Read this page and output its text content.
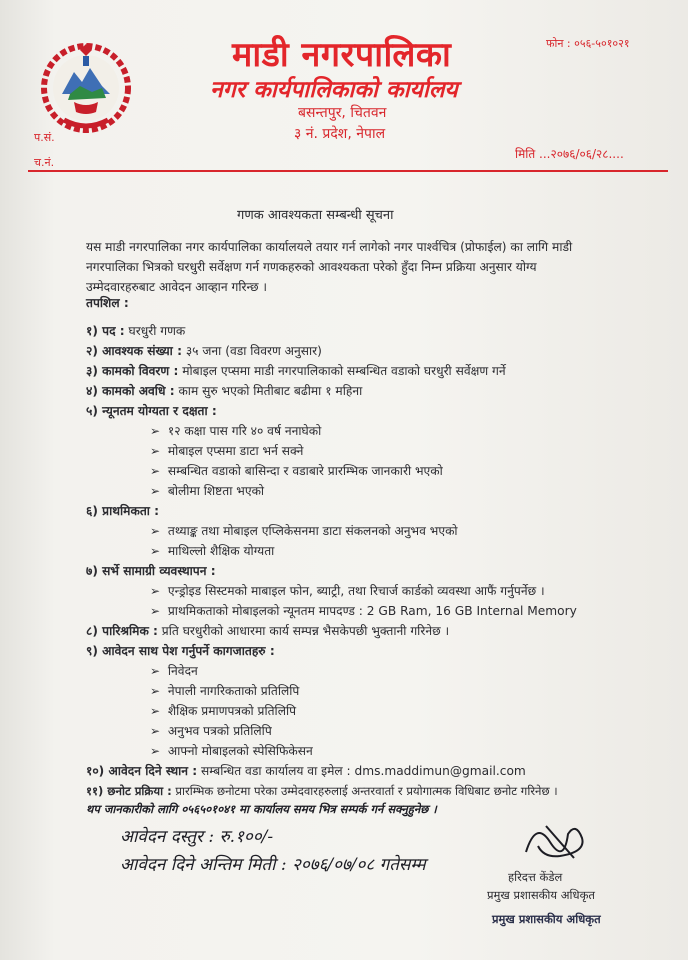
माडी नगरपालिका
नगर कार्यपालिकाको कार्यालय
बसन्तपुर, चितवन
३ नं. प्रदेश, नेपाल
फोन : ०५६-५०१०२१
प.सं.
च.नं.
मिति ...२०७६/०६/२८....
गणक आवश्यकता सम्बन्धी सूचना
यस माडी नगरपालिका नगर कार्यपालिका कार्यालयले तयार गर्न लागेको नगर पार्श्वचित्र (प्रोफाईल) का लागि माडी
नगरपालिका भित्रको घरधुरी सर्वेक्षण गर्न गणकहरुको आवश्यकता परेको हुँदा निम्न प्रक्रिया अनुसार योग्य
उम्मेदवारहरुबाट आवेदन आव्हान गरिन्छ ।
तपशिल :
१) पद : घरधुरी गणक
२) आवश्यक संख्या : ३५ जना (वडा विवरण अनुसार)
३) कामको विवरण : मोबाइल एप्समा माडी नगरपालिकाको सम्बन्धित वडाको घरधुरी सर्वेक्षण गर्ने
४) कामको अवधि : काम सुरु भएको मितीबाट बढीमा १ महिना
५) न्यूनतम योग्यता र दक्षता :
➢ १२ कक्षा पास गरि ४० वर्ष ननाघेको
➢ मोबाइल एप्समा डाटा भर्न सक्ने
➢ सम्बन्धित वडाको बासिन्दा र वडाबारे प्रारम्भिक जानकारी भएको
➢ बोलीमा शिष्टता भएको
६) प्राथमिकता :
➢ तथ्याङ्क तथा मोबाइल एप्लिकेसनमा डाटा संकलनको अनुभव भएको
➢ माथिल्लो शैक्षिक योग्यता
७) सर्भे सामाग्री व्यवस्थापन :
➢ एन्ड्रोइड सिस्टमको माबाइल फोन, ब्याट्री, तथा रिचार्ज कार्डको व्यवस्था आफैं गर्नुपर्नेछ ।
➢ प्राथमिकताको मोबाइलको न्यूनतम मापदण्ड : 2 GB Ram, 16 GB Internal Memory
८) पारिश्रमिक : प्रति घरधुरीको आधारमा कार्य सम्पन्न भैसकेपछी भुक्तानी गरिनेछ ।
९) आवेदन साथ पेश गर्नुपर्ने कागजातहरु :
➢ निवेदन
➢ नेपाली नागरिकताको प्रतिलिपि
➢ शैक्षिक प्रमाणपत्रको प्रतिलिपि
➢ अनुभव पत्रको प्रतिलिपि
➢ आफ्नो मोबाइलको स्पेसिफिकेसन
१०) आवेदन दिने स्थान : सम्बन्धित वडा कार्यालय वा इमेल : dms.maddimun@gmail.com
११) छनोट प्रक्रिया : प्रारम्भिक छनोटमा परेका उम्मेदवारहरुलाई अन्तरवार्ता र प्रयोगात्मक विधिबाट छनोट गरिनेछ ।
थप जानकारीको लागि ०५६५०१०४१ मा कार्यालय समय भित्र सम्पर्क गर्न सक्नुहुनेछ ।
आवेदन दस्तुर : रु.१००/-
आवेदन दिने अन्तिम मिती : २०७६/०७/०८ गतेसम्म
हरिदत्त केंडेल
प्रमुख प्रशासकीय अधिकृत
प्रमुख प्रशासकीय अधिकृत
